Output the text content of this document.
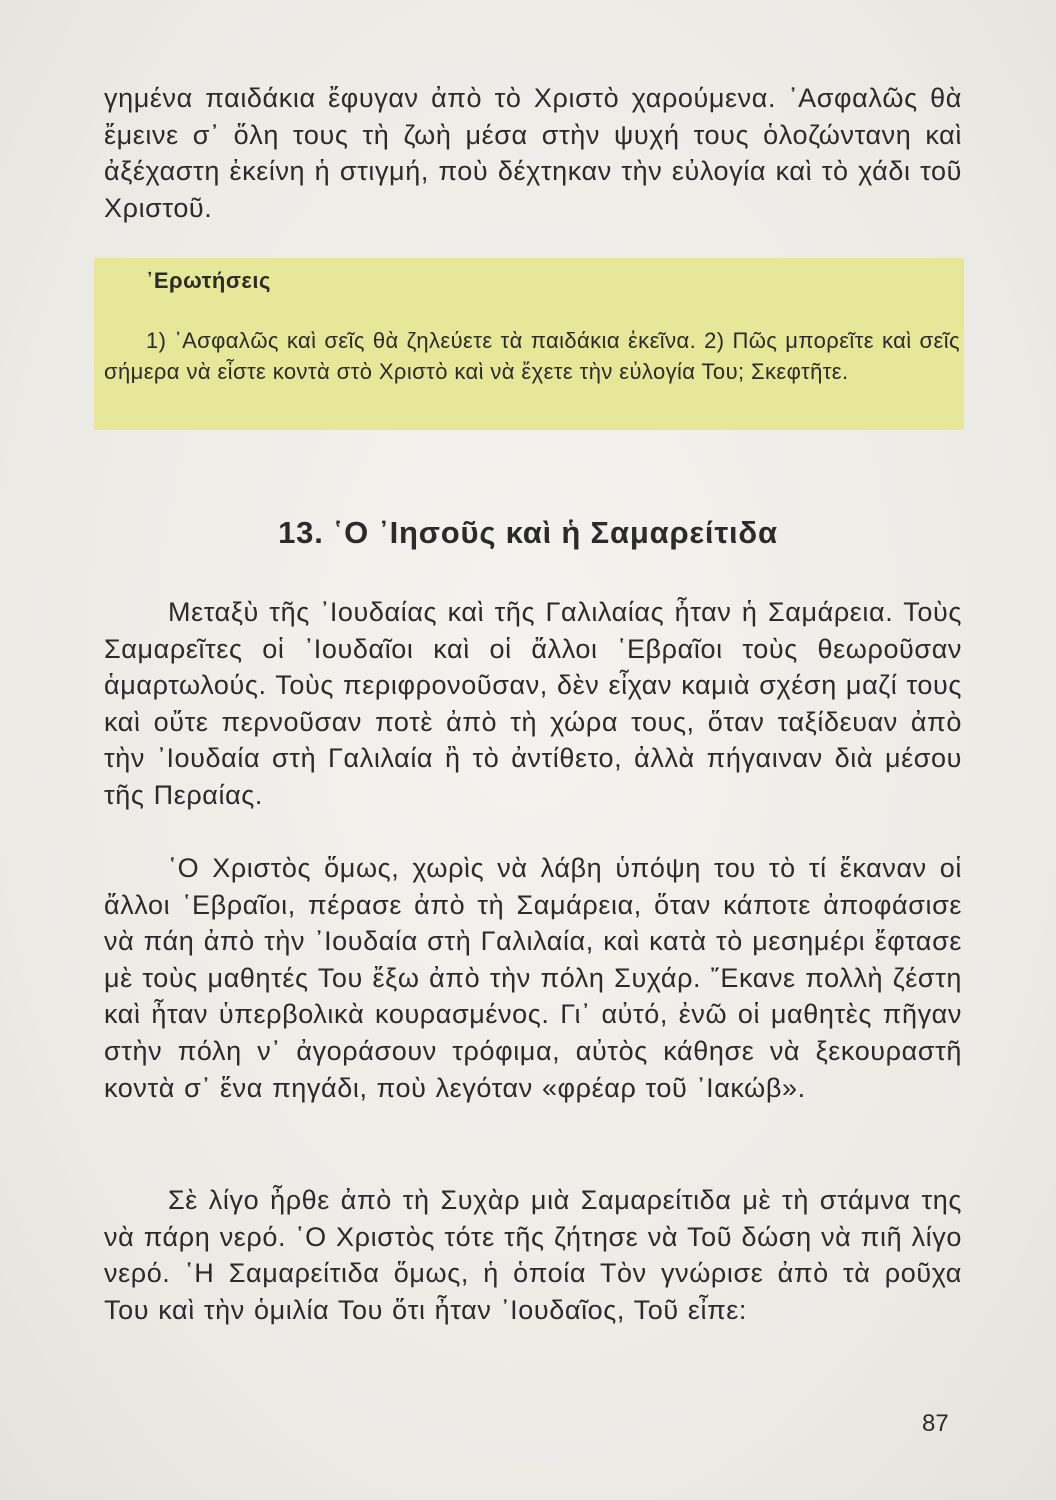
γημένα παιδάκια ἔφυγαν ἀπὸ τὸ Χριστὸ χαρούμενα. ᾿Ασφαλῶς θὰ ἔμεινε σ᾿ ὅλη τους τὴ ζωὴ μέσα στὴν ψυχή τους ὁλοζώντανη καὶ ἀξέχαστη ἐκείνη ἡ στιγμή, ποὺ δέχτηκαν τὴν εὐλογία καὶ τὸ χάδι τοῦ Χριστοῦ.

᾿Ερωτήσεις

1) ᾿Ασφαλῶς καὶ σεῖς θὰ ζηλεύετε τὰ παιδάκια ἐκεῖνα. 2) Πῶς μπορεῖτε καὶ σεῖς σήμερα νὰ εἶστε κοντὰ στὸ Χριστὸ καὶ νὰ ἔχετε τὴν εὐλογία Του; Σκεφτῆτε.

13. ῾Ο ᾿Ιησοῦς καὶ ἡ Σαμαρείτιδα

Μεταξὺ τῆς ᾿Ιουδαίας καὶ τῆς Γαλιλαίας ἦταν ἡ Σαμάρεια. Τοὺς Σαμαρεῖτες οἱ ᾿Ιουδαῖοι καὶ οἱ ἄλλοι ῾Εβραῖοι τοὺς θεωροῦσαν ἁμαρτωλούς. Τοὺς περιφρονοῦσαν, δὲν εἶχαν καμιὰ σχέση μαζί τους καὶ οὔτε περνοῦσαν ποτὲ ἀπὸ τὴ χώρα τους, ὅταν ταξίδευαν ἀπὸ τὴν ᾿Ιουδαία στὴ Γαλιλαία ἢ τὸ ἀντίθετο, ἀλλὰ πήγαιναν διὰ μέσου τῆς Περαίας.

῾Ο Χριστὸς ὅμως, χωρὶς νὰ λάβη ὑπόψη του τὸ τί ἔκαναν οἱ ἄλλοι ῾Εβραῖοι, πέρασε ἀπὸ τὴ Σαμάρεια, ὅταν κάποτε ἀποφάσισε νὰ πάη ἀπὸ τὴν ᾿Ιουδαία στὴ Γαλιλαία, καὶ κατὰ τὸ μεσημέρι ἔφτασε μὲ τοὺς μαθητές Του ἔξω ἀπὸ τὴν πόλη Συχάρ. ῎Εκανε πολλὴ ζέστη καὶ ἦταν ὑπερβολικὰ κουρασμένος. Γι᾿ αὐτό, ἐνῶ οἱ μαθητὲς πῆγαν στὴν πόλη ν᾿ ἀγοράσουν τρόφιμα, αὐτὸς κάθησε νὰ ξεκουραστῆ κοντὰ σ᾿ ἕνα πηγάδι, ποὺ λεγόταν «φρέαρ τοῦ ᾿Ιακώβ».

Σὲ λίγο ἦρθε ἀπὸ τὴ Συχὰρ μιὰ Σαμαρείτιδα μὲ τὴ στάμνα της νὰ πάρη νερό. ῾Ο Χριστὸς τότε τῆς ζήτησε νὰ Τοῦ δώση νὰ πιῆ λίγο νερό. ῾Η Σαμαρείτιδα ὅμως, ἡ ὁποία Τὸν γνώρισε ἀπὸ τὰ ροῦχα Του καὶ τὴν ὁμιλία Του ὅτι ἦταν ᾿Ιουδαῖος, Τοῦ εἶπε:

87
